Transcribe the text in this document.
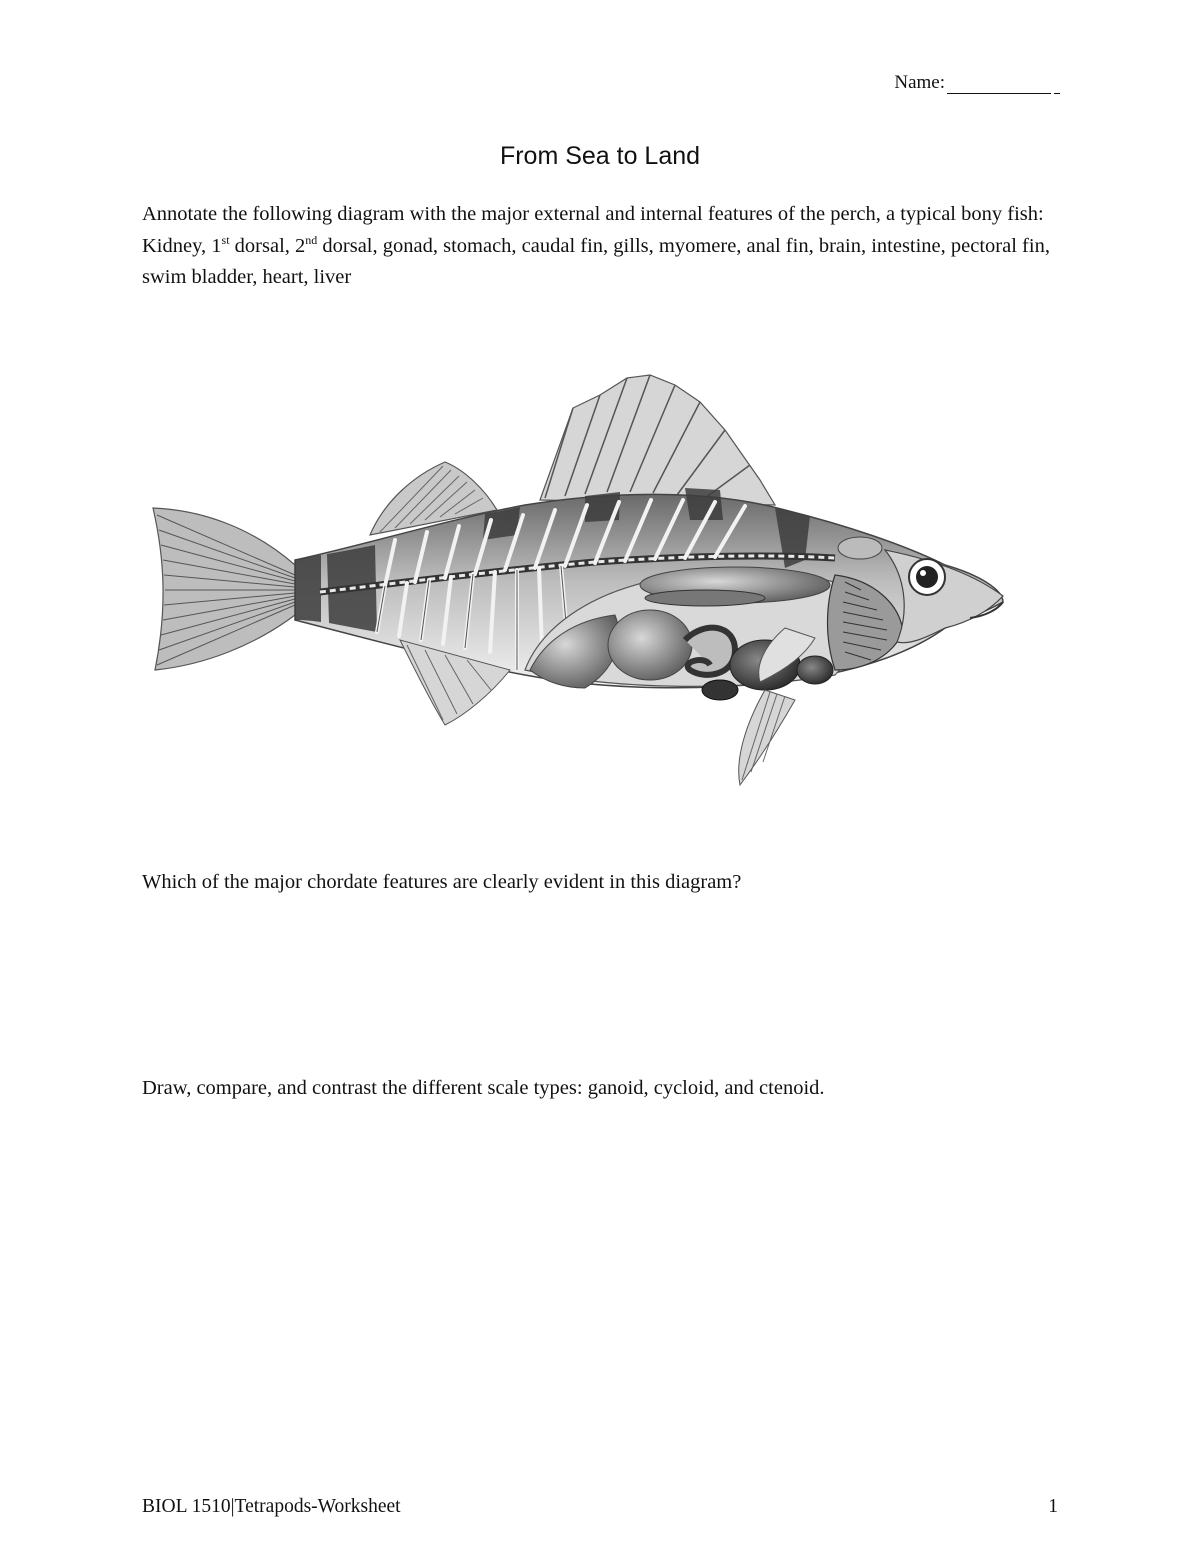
Name:
From Sea to Land
Annotate the following diagram with the major external and internal features of the perch, a typical bony fish: Kidney, 1st dorsal, 2nd dorsal, gonad, stomach, caudal fin, gills, myomere, anal fin, brain, intestine, pectoral fin, swim bladder, heart, liver
Which of the major chordate features are clearly evident in this diagram?
Draw, compare, and contrast the different scale types: ganoid, cycloid, and ctenoid.
BIOL 1510|Tetrapods-Worksheet	1
